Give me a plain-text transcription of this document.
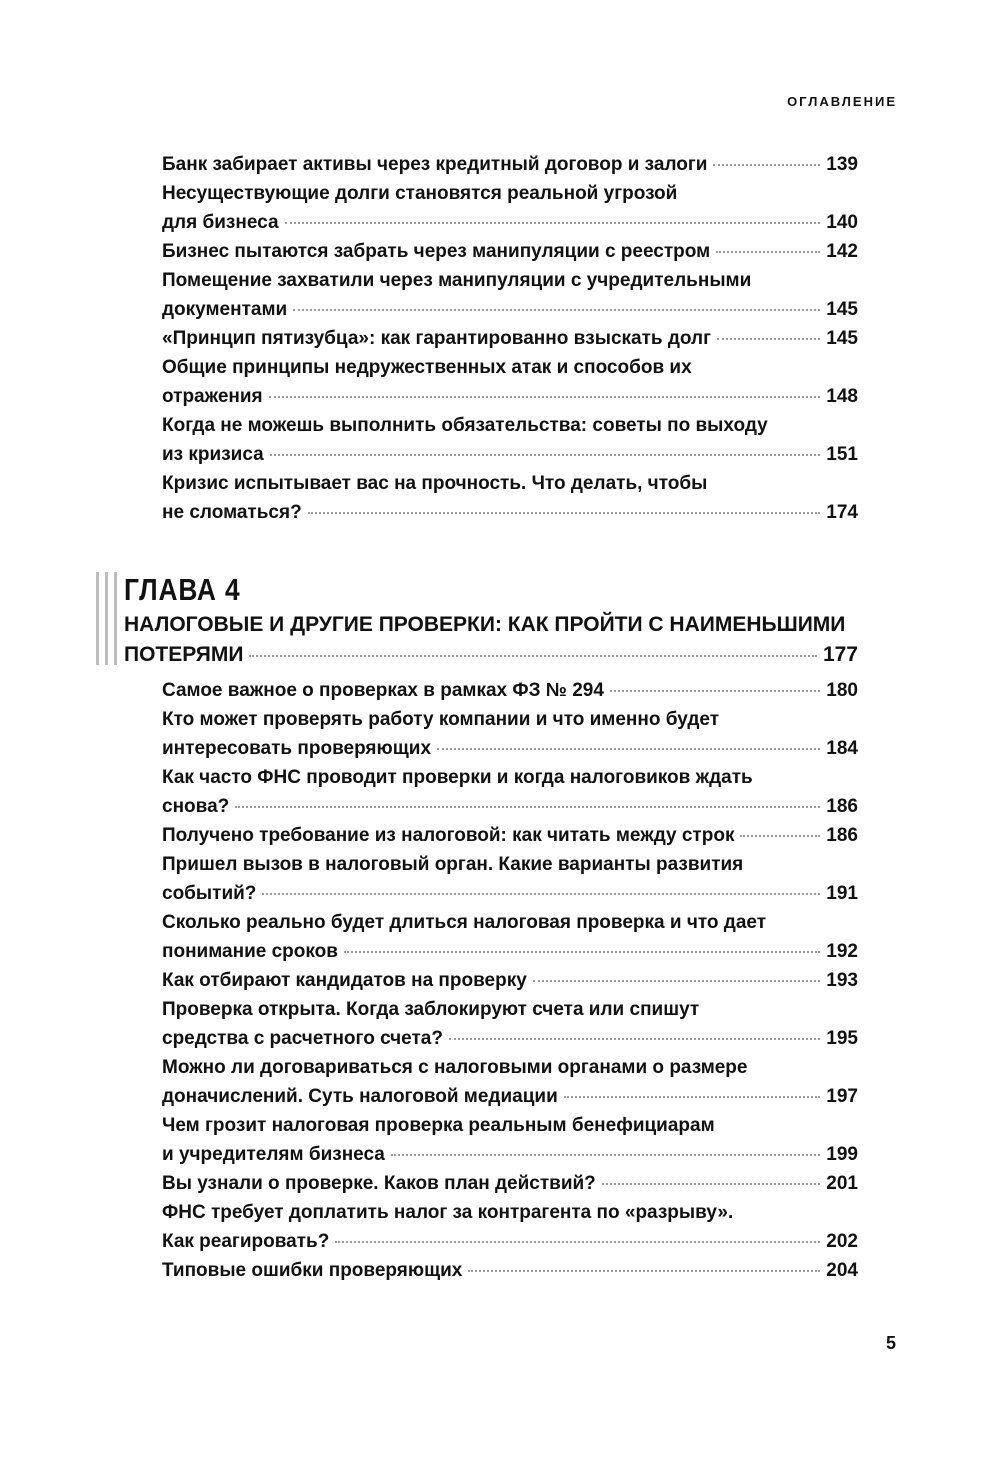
ОГЛАВЛЕНИЕ
Банк забирает активы через кредитный договор и залоги	139
Несуществующие долги становятся реальной угрозой
для бизнеса	140
Бизнес пытаются забрать через манипуляции с реестром	142
Помещение захватили через манипуляции с учредительными
документами	145
«Принцип пятизубца»: как гарантированно взыскать долг	145
Общие принципы недружественных атак и способов их
отражения	148
Когда не можешь выполнить обязательства: советы по выходу
из кризиса	151
Кризис испытывает вас на прочность. Что делать, чтобы
не сломаться?	174
ГЛАВА 4
НАЛОГОВЫЕ И ДРУГИЕ ПРОВЕРКИ: КАК ПРОЙТИ С НАИМЕНЬШИМИ
ПОТЕРЯМИ	177
Самое важное о проверках в рамках ФЗ № 294	180
Кто может проверять работу компании и что именно будет
интересовать проверяющих	184
Как часто ФНС проводит проверки и когда налоговиков ждать
снова?	186
Получено требование из налоговой: как читать между строк	186
Пришел вызов в налоговый орган. Какие варианты развития
событий?	191
Сколько реально будет длиться налоговая проверка и что дает
понимание сроков	192
Как отбирают кандидатов на проверку	193
Проверка открыта. Когда заблокируют счета или спишут
средства с расчетного счета?	195
Можно ли договариваться с налоговыми органами о размере
доначислений. Суть налоговой медиации	197
Чем грозит налоговая проверка реальным бенефициарам
и учредителям бизнеса	199
Вы узнали о проверке. Каков план действий?	201
ФНС требует доплатить налог за контрагента по «разрыву».
Как реагировать?	202
Типовые ошибки проверяющих	204
5
